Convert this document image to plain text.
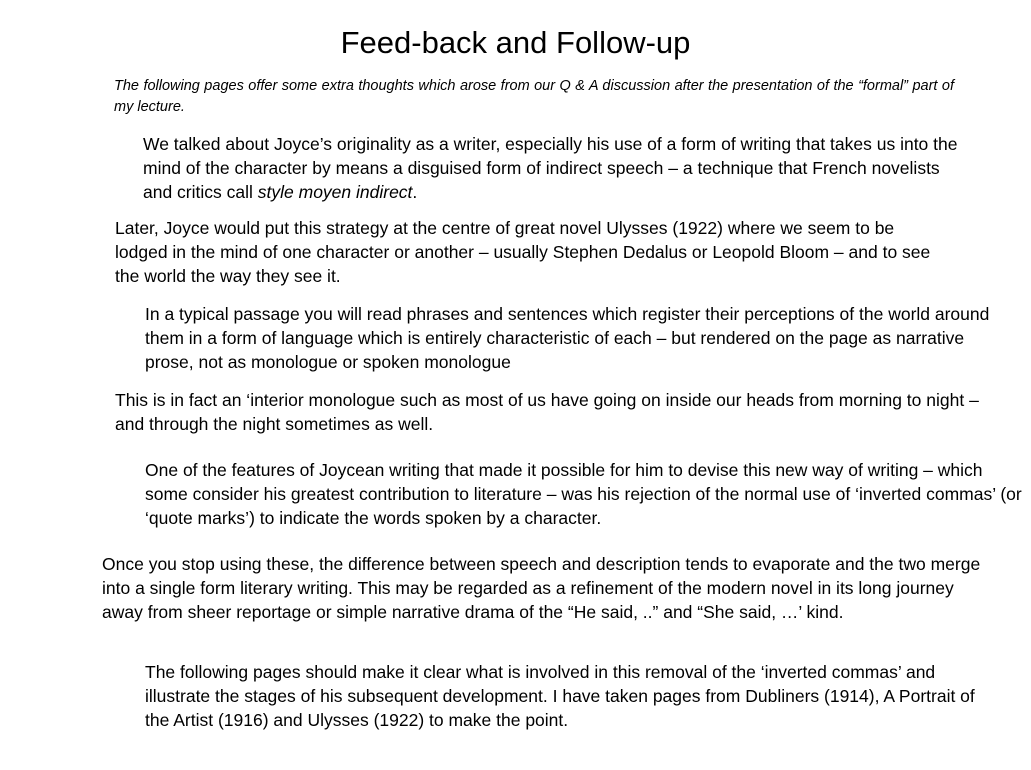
Feed-back and Follow-up

The following pages offer some extra thoughts which arose from our Q & A discussion after the presentation of the “formal” part of my lecture.

We talked about Joyce’s originality as a writer, especially his use of a form of writing that takes us into the mind of the character by means a disguised form of indirect speech – a technique that French novelists and critics call style moyen indirect.

Later, Joyce would put this strategy at the centre of great novel Ulysses (1922) where we seem to be lodged in the mind of one character or another – usually Stephen Dedalus or Leopold Bloom – and to see the world the way they see it.

In a typical passage you will read phrases and sentences which register their perceptions of the world around them in a form of language which is entirely characteristic of each – but rendered on the page as narrative prose, not as monologue or spoken monologue

This is in fact an ‘interior monologue such as most of us have going on inside our heads from morning to night – and through the night sometimes as well.

One of the features of Joycean writing that made it possible for him to devise this new way of writing – which some consider his greatest contribution to literature – was his rejection of the normal use of ‘inverted commas’ (or ‘quote marks’) to indicate the words spoken by a character.

Once you stop using these, the difference between speech and description tends to evaporate and the two merge into a single form literary writing. This may be regarded as a refinement of the modern novel in its long journey away from sheer reportage or simple narrative drama of the “He said, ..” and “She said, …’ kind.

The following pages should make it clear what is involved in this removal of the ‘inverted commas’ and illustrate the stages of his subsequent development. I have taken pages from Dubliners (1914), A Portrait of the Artist (1916) and Ulysses (1922) to make the point.
